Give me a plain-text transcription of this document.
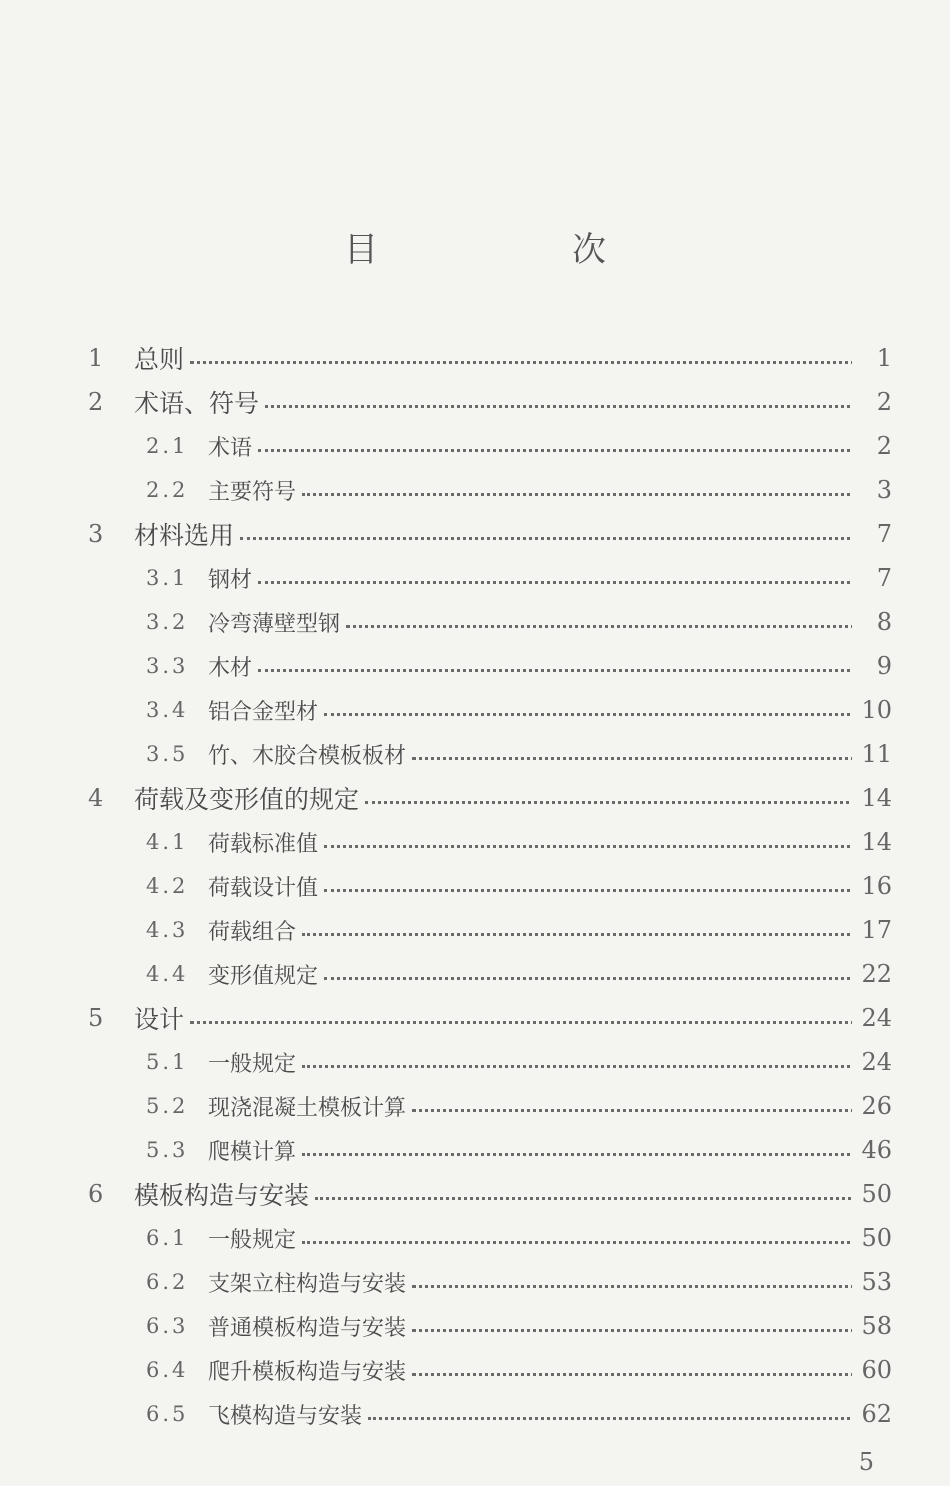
目　次
1 总则	1
2 术语、符号	2
2.1 术语	2
2.2 主要符号	3
3 材料选用	7
3.1 钢材	7
3.2 冷弯薄壁型钢	8
3.3 木材	9
3.4 铝合金型材	10
3.5 竹、木胶合模板板材	11
4 荷载及变形值的规定	14
4.1 荷载标准值	14
4.2 荷载设计值	16
4.3 荷载组合	17
4.4 变形值规定	22
5 设计	24
5.1 一般规定	24
5.2 现浇混凝土模板计算	26
5.3 爬模计算	46
6 模板构造与安装	50
6.1 一般规定	50
6.2 支架立柱构造与安装	53
6.3 普通模板构造与安装	58
6.4 爬升模板构造与安装	60
6.5 飞模构造与安装	62
5
